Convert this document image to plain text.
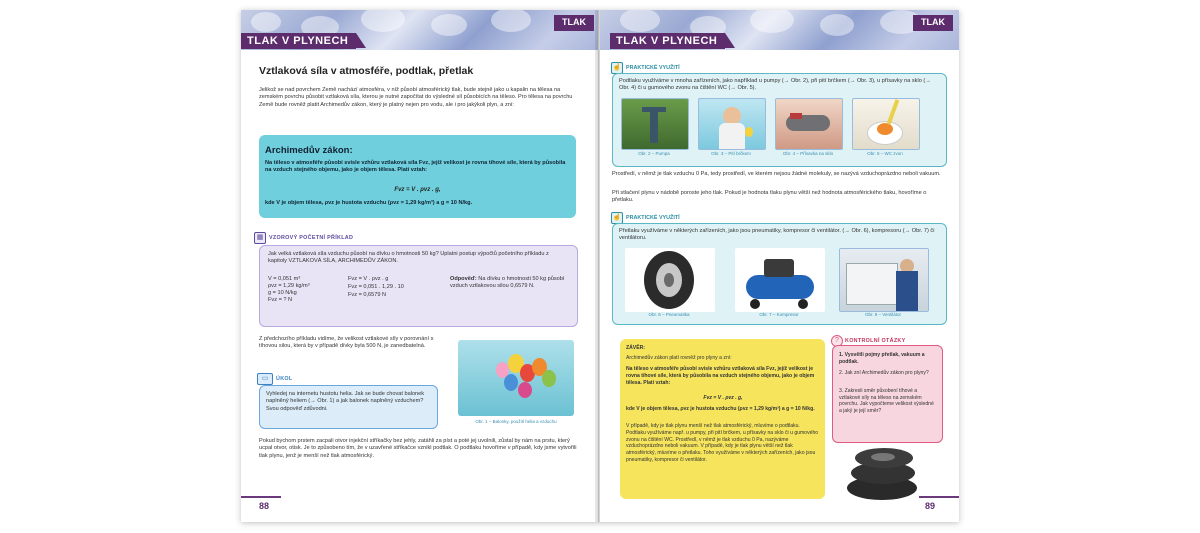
TLAK V PLYNECH
TLAK
Vztlaková síla v atmosféře, podtlak, přetlak
Jelikož se nad povrchem Země nachází atmosféra, v níž působí atmosférický tlak, bude stejně jako u kapalin na tělesa na zemském povrchu působit vztlaková síla, kterou je nutné započítat do výsledné síl působících na těleso. Pro tělesa na povrchu Země bude rovněž platit Archimedův zákon, který je platný nejen pro vodu, ale i pro jakýkoli plyn, a zní:
Archimedův zákon:
Na těleso v atmosféře působí svisle vzhůru vztlaková síla Fvz, jejíž velikost je rovna tíhové síle, která by působila na vzduch stejného objemu, jako je objem tělesa. Platí vztah:
Fvz = V . ρvz . g,
kde V je objem tělesa, ρvz je hustota vzduchu (ρvz = 1,29 kg/m³) a g = 10 N/kg.
▦	VZOROVÝ POČETNÍ PŘÍKLAD
Jak velká vztlaková síla vzduchu působí na dívku o hmotnosti 50 kg? Uplatni postup výpočtů početního příkladu z kapitoly VZTLAKOVÁ SÍLA, ARCHIMEDŮV ZÁKON.
V = 0,051 m³
ρvz = 1,29 kg/m³
g = 10 N/kg
Fvz = ? N
Fvz = V . ρvz . g
Fvz = 0,051 . 1,29 . 10
Fvz = 0,6579 N
Odpověď: Na dívku o hmotnosti 50 kg působí vzduch vztlakovou silou 0,6579 N.
Z předchozího příkladu vidíme, že velikost vztlakové síly v porovnání s tíhovou silou, která by v případě dívky byla 500 N, je zanedbatelná.
▭	ÚKOL
Vyhledej na internetu hustotu helia. Jak se bude chovat balonek naplněný heliem (→ Obr. 1) a jak balonek naplněný vzduchem? Svou odpověď zdůvodni.
Obr. 1 – Balonky, použití helia a vzduchu
Pokud bychom prstem zacpali otvor injekční stříkačky bez jehly, zatáhli za píst a poté jej uvolnili, zůstal by nám na prstu, který ucpal otvor, otisk. Je to způsobeno tím, že v uzavřené stříkačce vznikl podtlak. O podtlaku hovoříme v případě, kdy jsme vytvořili tlak plynu, jenž je menší než tlak atmosférický.
88
TLAK V PLYNECH
TLAK
☝ PRAKTICKÉ VYUŽITÍ
Podtlaku využíváme v mnoha zařízeních, jako například u pumpy (→ Obr. 2), při pití brčkem (→ Obr. 3), u přísavky na sklo (→ Obr. 4) či u gumového zvonu na čištění WC (→ Obr. 5).
Obr. 2 – Pumpa	Obr. 3 – Pití brčkem	Obr. 4 – Přísavka na sklo	Obr. 5 – WC zvon
Prostředí, v němž je tlak vzduchu 0 Pa, tedy prostředí, ve kterém nejsou žádné molekuly, se nazývá vzduchoprázdno neboli vakuum.
Při stlačení plynu v nádobě poroste jeho tlak. Pokud je hodnota tlaku plynu větší než hodnota atmosférického tlaku, hovoříme o přetlaku.
☝ PRAKTICKÉ VYUŽITÍ
Přetlaku využíváme v některých zařízeních, jako jsou pneumatiky, kompresor či ventilátor. (→ Obr. 6), kompresoru (→ Obr. 7) či ventilátoru.
Obr. 6 – Pneumatika	Obr. 7 – Kompresor	Obr. 8 – Ventilátor
ZÁVĚR:
Archimedův zákon platí rovněž pro plyny a zní:
Na těleso v atmosféře působí svisle vzhůru vztlaková síla Fvz, jejíž velikost je rovna tíhové síle, která by působila na vzduch stejného objemu, jako je objem tělesa. Platí vztah:
Fvz = V . ρvz . g,
kde V je objem tělesa, ρvz je hustota vzduchu (ρvz = 1,29 kg/m³) a g = 10 N/kg.
V případě, kdy je tlak plynu menší než tlak atmosférický, mluvíme o podtlaku. Podtlaku využíváme např. u pumpy, při pití brčkem, u přísavky na sklo či u gumového zvonu na čištění WC. Prostředí, v němž je tlak vzduchu 0 Pa, nazýváme vzduchoprázdno neboli vakuum. V případě, kdy je tlak plynu větší než tlak atmosférický, mluvíme o přetlaku. Toho využíváme v některých zařízeních, jako jsou pneumatiky, kompresor či ventilátor.
?	KONTROLNÍ OTÁZKY
1. Vysvětli pojmy přetlak, vakuum a podtlak.
2. Jak zní Archimedův zákon pro plyny?
3. Zakresli směr působení tíhové a vztlakové síly na těleso na zemském povrchu. Jak vypočteme velikost výsledné a jaký je její směr?
89
